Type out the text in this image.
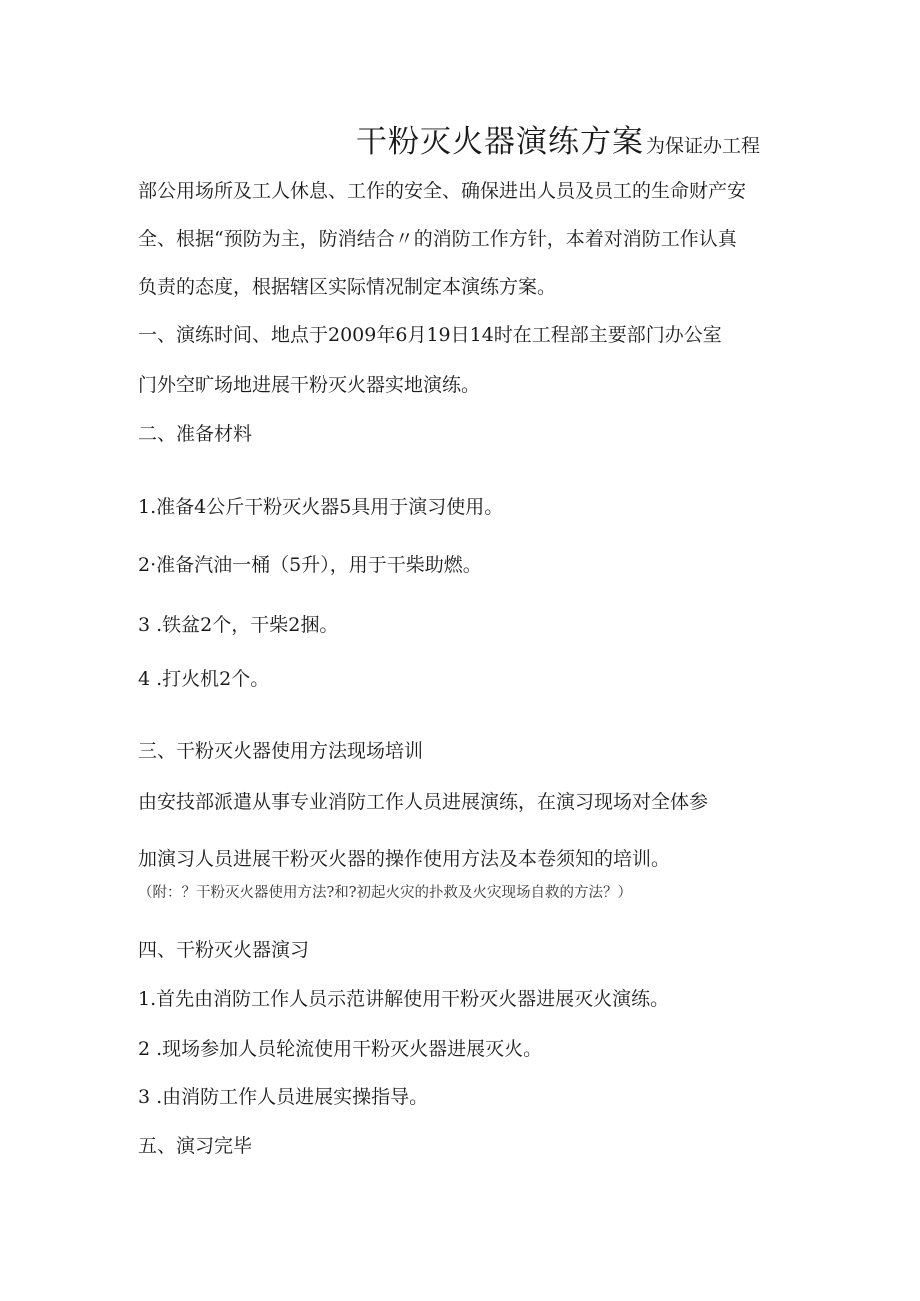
干粉灭火器演练方案 为保证办工程
部公用场所及工人休息、工作的安全、确保进出人员及员工的生命财产安
全、根据“预防为主，防消结合〃的消防工作方针，本着对消防工作认真
负责的态度，根据辖区实际情况制定本演练方案。
一、演练时间、地点于2009年6月19日14时在工程部主要部门办公室
门外空旷场地进展干粉灭火器实地演练。
二、准备材料
1.准备4公斤干粉灭火器5具用于演习使用。
2·准备汽油一桶（5升），用于干柴助燃。
3 .铁盆2个，干柴2捆。
4 .打火机2个。
三、干粉灭火器使用方法现场培训
由安技部派遣从事专业消防工作人员进展演练，在演习现场对全体参
加演习人员进展干粉灭火器的操作使用方法及本卷须知的培训。
（附：？干粉灭火器使用方法?和?初起火灾的扑救及火灾现场自救的方法？）
四、干粉灭火器演习
1.首先由消防工作人员示范讲解使用干粉灭火器进展灭火演练。
2 .现场参加人员轮流使用干粉灭火器进展灭火。
3 .由消防工作人员进展实操指导。
五、演习完毕
